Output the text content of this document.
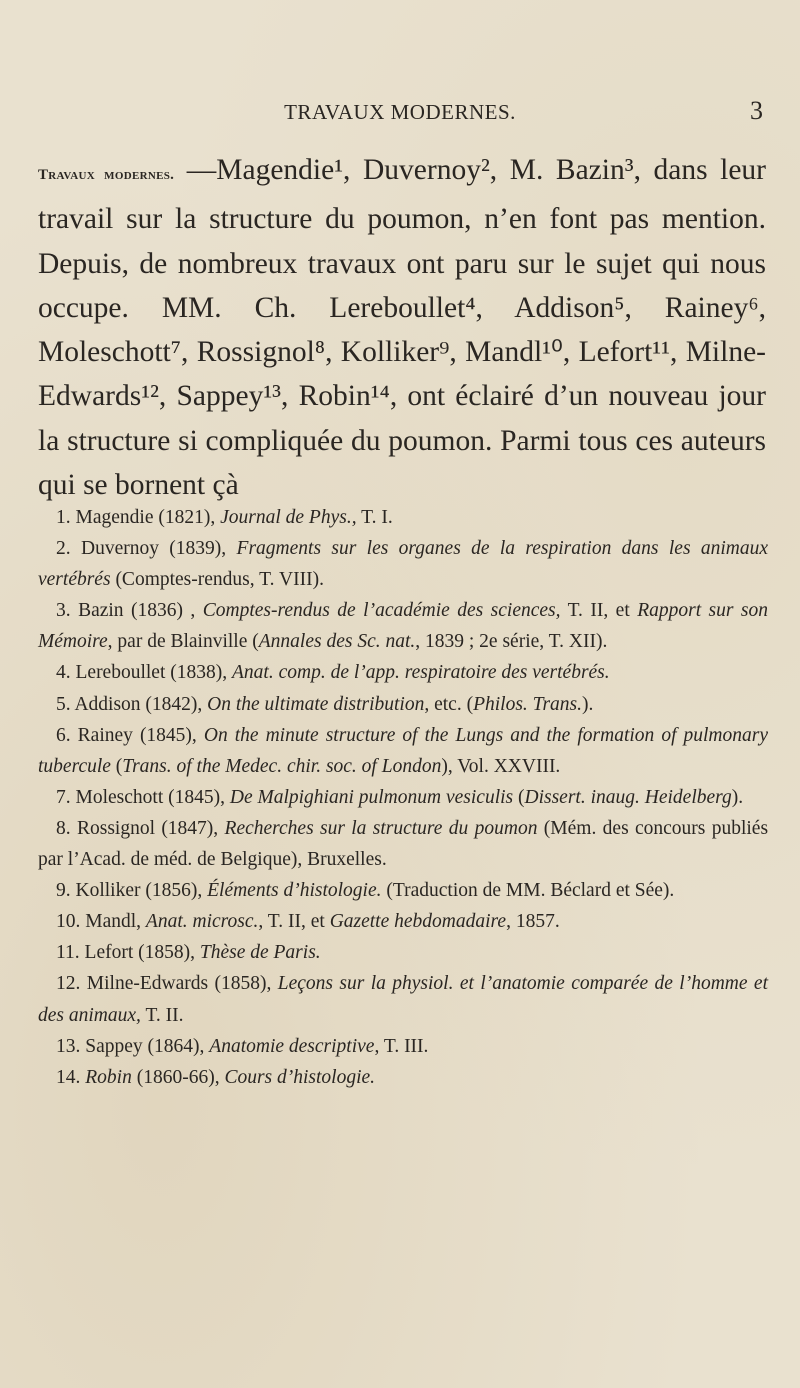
TRAVAUX MODERNES.	3

Travaux modernes. —Magendie¹, Duvernoy², M. Bazin³, dans leur travail sur la structure du poumon, n’en font pas mention. Depuis, de nombreux travaux ont paru sur le sujet qui nous occupe. MM. Ch. Lereboullet⁴, Addison⁵, Rainey⁶, Moleschott⁷, Rossignol⁸, Kolliker⁹, Mandl¹⁰, Lefort¹¹, Milne-Edwards¹², Sappey¹³, Robin¹⁴, ont éclairé d’un nouveau jour la structure si compliquée du poumon. Parmi tous ces auteurs qui se bornent çà

1. Magendie (1821), Journal de Phys., T. I.

2. Duvernoy (1839), Fragments sur les organes de la respiration dans les animaux vertébrés (Comptes-rendus, T. VIII).

3. Bazin (1836) , Comptes-rendus de l’académie des sciences, T. II, et Rapport sur son Mémoire, par de Blainville (Annales des Sc. nat., 1839 ; 2e série, T. XII).

4. Lereboullet (1838), Anat. comp. de l’app. respiratoire des vertébrés.

5. Addison (1842), On the ultimate distribution, etc. (Philos. Trans.).

6. Rainey (1845), On the minute structure of the Lungs and the formation of pulmonary tubercule (Trans. of the Medec. chir. soc. of London), Vol. XXVIII.

7. Moleschott (1845), De Malpighiani pulmonum vesiculis (Dissert. inaug. Heidelberg).

8. Rossignol (1847), Recherches sur la structure du poumon (Mém. des concours publiés par l’Acad. de méd. de Belgique), Bruxelles.

9. Kolliker (1856), Éléments d’histologie. (Traduction de MM. Béclard et Sée).

10. Mandl, Anat. microsc., T. II, et Gazette hebdomadaire, 1857.

11. Lefort (1858), Thèse de Paris.

12. Milne-Edwards (1858), Leçons sur la physiol. et l’anatomie comparée de l’homme et des animaux, T. II.

13. Sappey (1864), Anatomie descriptive, T. III.

14. Robin (1860-66), Cours d’histologie.
